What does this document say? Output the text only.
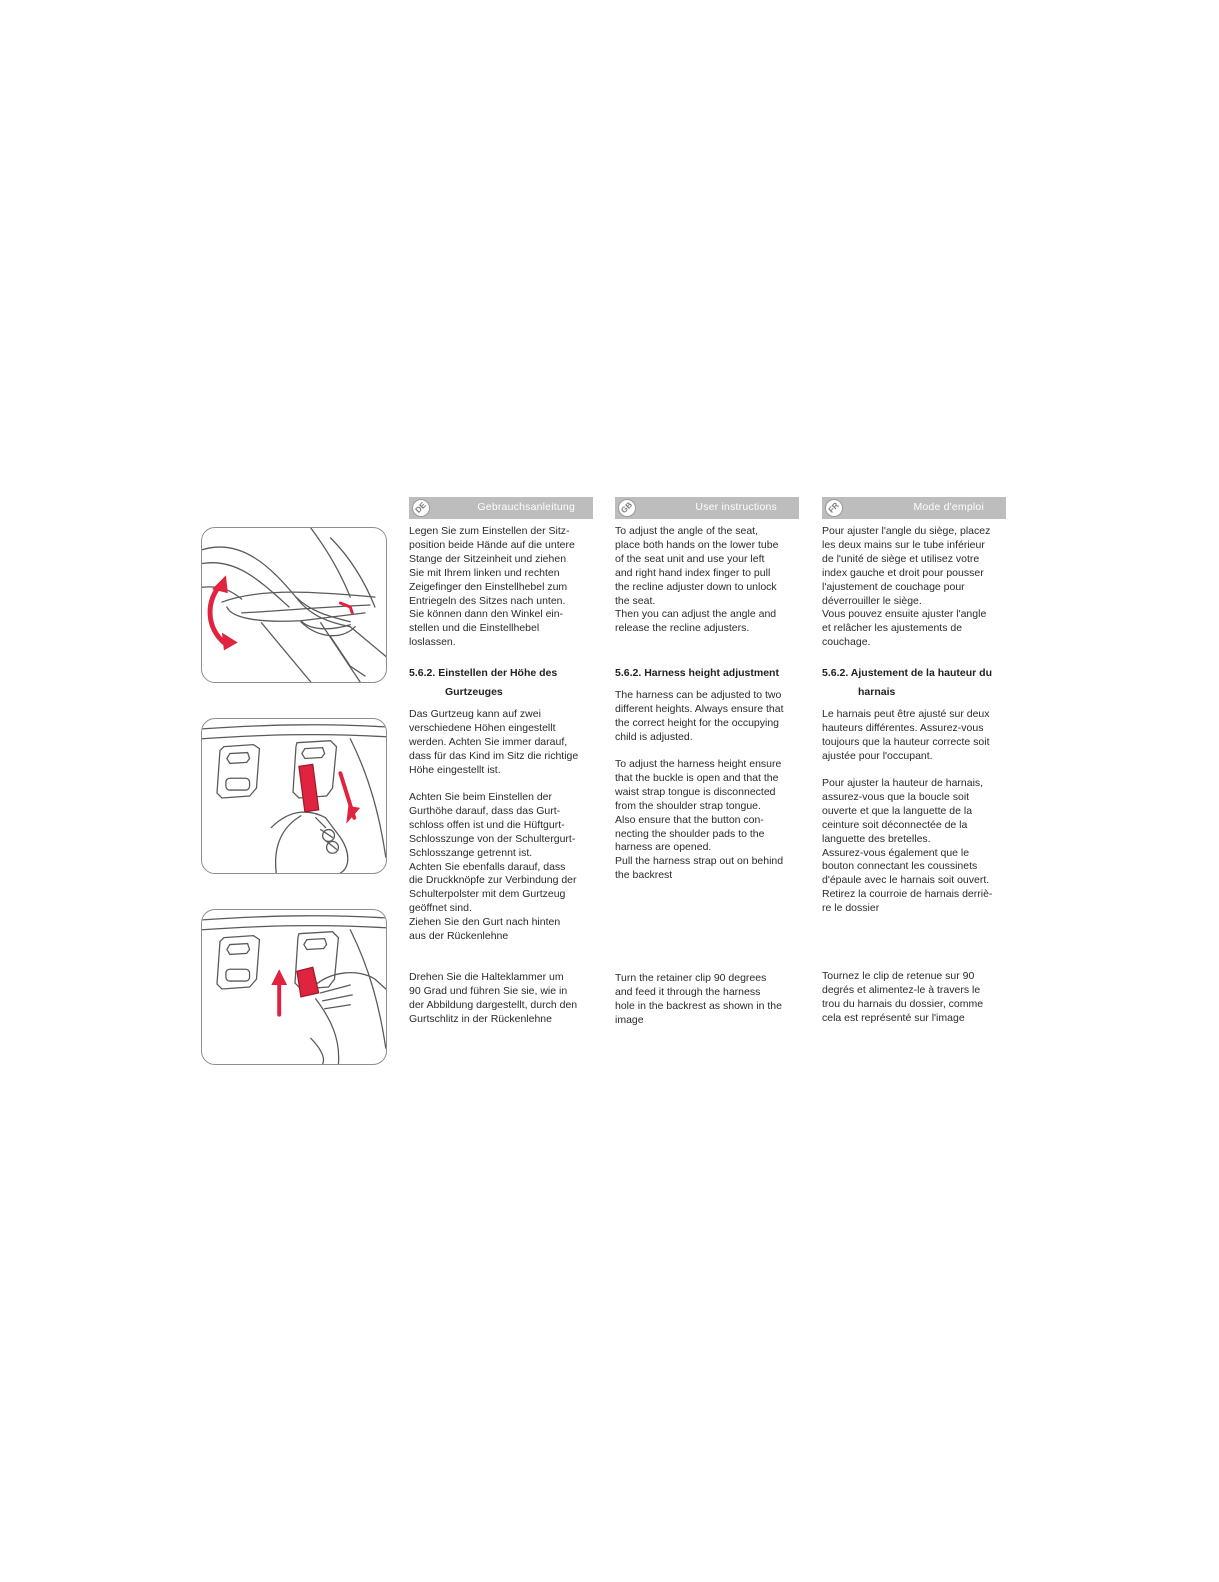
DE	Gebrauchsanleitung

Legen Sie zum Einstellen der Sitz-
position beide Hände auf die untere
Stange der Sitzeinheit und ziehen
Sie mit Ihrem linken und rechten
Zeigefinger den Einstellhebel zum
Entriegeln des Sitzes nach unten.
Sie können dann den Winkel ein-
stellen und die Einstellhebel
loslassen.

5.6.2. Einstellen der Höhe des

Gurtzeuges

Das Gurtzeug kann auf zwei
verschiedene Höhen eingestellt
werden. Achten Sie immer darauf,
dass für das Kind im Sitz die richtige
Höhe eingestellt ist.

Achten Sie beim Einstellen der
Gurthöhe darauf, dass das Gurt-
schloss offen ist und die Hüftgurt-
Schlosszunge von der Schultergurt-
Schlosszange getrennt ist.
Achten Sie ebenfalls darauf, dass
die Druckknöpfe zur Verbindung der
Schulterpolster mit dem Gurtzeug
geöffnet sind.
Ziehen Sie den Gurt nach hinten
aus der Rückenlehne

Drehen Sie die Halteklammer um
90 Grad und führen Sie sie, wie in
der Abbildung dargestellt, durch den
Gurtschlitz in der Rückenlehne

GB	User instructions

To adjust the angle of the seat,
place both hands on the lower tube
of the seat unit and use your left
and right hand index finger to pull
the recline adjuster down to unlock
the seat.
Then you can adjust the angle and
release the recline adjusters.

5.6.2. Harness height adjustment

The harness can be adjusted to two
different heights. Always ensure that
the correct height for the occupying
child is adjusted.

To adjust the harness height ensure
that the buckle is open and that the
waist strap tongue is disconnected
from the shoulder strap tongue.
Also ensure that the button con-
necting the shoulder pads to the
harness are opened.
Pull the harness strap out on behind
the backrest

Turn the retainer clip 90 degrees
and feed it through the harness
hole in the backrest as shown in the
image

FR	Mode d'emploi

Pour ajuster l'angle du siège, placez
les deux mains sur le tube inférieur
de l'unité de siège et utilisez votre
index gauche et droit pour pousser
l'ajustement de couchage pour
déverrouiller le siège.
Vous pouvez ensuite ajuster l'angle
et relâcher les ajustements de
couchage.

5.6.2. Ajustement de la hauteur du

harnais

Le harnais peut être ajusté sur deux
hauteurs différentes. Assurez-vous
toujours que la hauteur correcte soit
ajustée pour l'occupant.

Pour ajuster la hauteur de harnais,
assurez-vous que la boucle soit
ouverte et que la languette de la
ceinture soit déconnectée de la
languette des bretelles.
Assurez-vous également que le
bouton connectant les coussinets
d'épaule avec le harnais soit ouvert.
Retirez la courroie de harnais derriè-
re le dossier

Tournez le clip de retenue sur 90
degrés et alimentez-le à travers le
trou du harnais du dossier, comme
cela est représenté sur l'image
